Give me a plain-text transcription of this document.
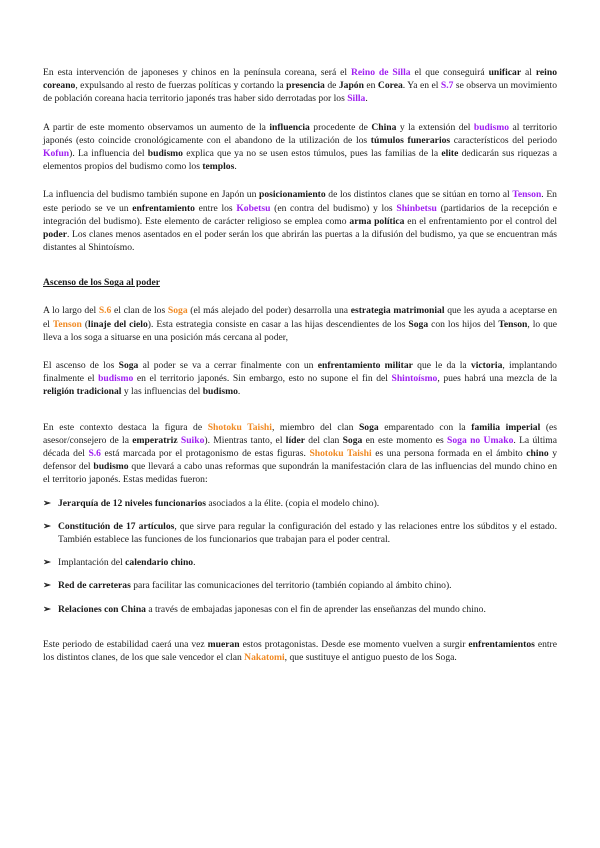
En esta intervención de japoneses y chinos en la península coreana, será el Reino de Silla el que conseguirá unificar al reino coreano, expulsando al resto de fuerzas políticas y cortando la presencia de Japón en Corea. Ya en el S.7 se observa un movimiento de población coreana hacia territorio japonés tras haber sido derrotadas por los Silla.

A partir de este momento observamos un aumento de la influencia procedente de China y la extensión del budismo al territorio japonés (esto coincide cronológicamente con el abandono de la utilización de los túmulos funerarios característicos del periodo Kofun). La influencia del budismo explica que ya no se usen estos túmulos, pues las familias de la elite dedicarán sus riquezas a elementos propios del budismo como los templos.

La influencia del budismo también supone en Japón un posicionamiento de los distintos clanes que se sitúan en torno al Tenson. En este periodo se ve un enfrentamiento entre los Kobetsu (en contra del budismo) y los Shinbetsu (partidarios de la recepción e integración del budismo). Este elemento de carácter religioso se emplea como arma política en el enfrentamiento por el control del poder. Los clanes menos asentados en el poder serán los que abrirán las puertas a la difusión del budismo, ya que se encuentran más distantes al Shintoísmo.

Ascenso de los Soga al poder

A lo largo del S.6 el clan de los Soga (el más alejado del poder) desarrolla una estrategia matrimonial que les ayuda a aceptarse en el Tenson (linaje del cielo). Esta estrategia consiste en casar a las hijas descendientes de los Soga con los hijos del Tenson, lo que lleva a los soga a situarse en una posición más cercana al poder,

El ascenso de los Soga al poder se va a cerrar finalmente con un enfrentamiento militar que le da la victoria, implantando finalmente el budismo en el territorio japonés. Sin embargo, esto no supone el fin del Shintoísmo, pues habrá una mezcla de la religión tradicional y las influencias del budismo.

En este contexto destaca la figura de Shotoku Taishi, miembro del clan Soga emparentado con la familia imperial (es asesor/consejero de la emperatriz Suiko). Mientras tanto, el líder del clan Soga en este momento es Soga no Umako. La última década del S.6 está marcada por el protagonismo de estas figuras. Shotoku Taishi es una persona formada en el ámbito chino y defensor del budismo que llevará a cabo unas reformas que supondrán la manifestación clara de las influencias del mundo chino en el territorio japonés. Estas medidas fueron:

➢ Jerarquía de 12 niveles funcionarios asociados a la élite. (copia el modelo chino).
➢ Constitución de 17 artículos, que sirve para regular la configuración del estado y las relaciones entre los súbditos y el estado. También establece las funciones de los funcionarios que trabajan para el poder central.
➢ Implantación del calendario chino.
➢ Red de carreteras para facilitar las comunicaciones del territorio (también copiando al ámbito chino).
➢ Relaciones con China a través de embajadas japonesas con el fin de aprender las enseñanzas del mundo chino.

Este periodo de estabilidad caerá una vez mueran estos protagonistas. Desde ese momento vuelven a surgir enfrentamientos entre los distintos clanes, de los que sale vencedor el clan Nakatomi, que sustituye el antiguo puesto de los Soga.
